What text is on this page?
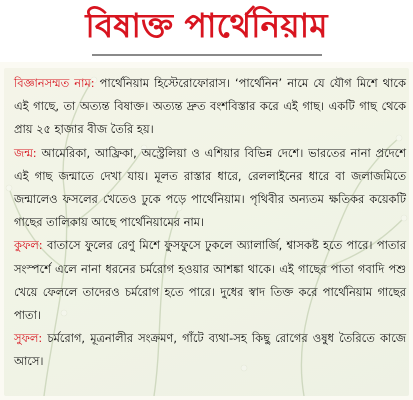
বিষাক্ত পার্থেনিয়াম

বিজ্ঞানসম্মত নাম: পার্থেনিয়াম হিস্টেরোফোরাস। ‘পার্থেনিন’ নামে যে যৌগ মিশে থাকে এই গাছে, তা অত্যন্ত বিষাক্ত। অত্যন্ত দ্রুত বংশবিস্তার করে এই গাছ। একটি গাছ থেকে প্রায় ২৫ হাজার বীজ তৈরি হয়।

জন্ম: আমেরিকা, আফ্রিকা, অস্ট্রেলিয়া ও এশিয়ার বিভিন্ন দেশে। ভারতের নানা প্রদেশে এই গাছ জন্মাতে দেখা যায়। মূলত রাস্তার ধারে, রেললাইনের ধারে বা জলাজমিতে জন্মালেও ফসলের খেতেও ঢুকে পড়ে পার্থেনিয়াম। পৃথিবীর অন্যতম ক্ষতিকর কয়েকটি গাছের তালিকায় আছে পার্থেনিয়ামের নাম।

কুফল: বাতাসে ফুলের রেণু মিশে ফুসফুসে ঢুকলে অ্যালার্জি, শ্বাসকষ্ট হতে পারে। পাতার সংস্পর্শে এলে নানা ধরনের চর্মরোগ হওয়ার আশঙ্কা থাকে। এই গাছের পাতা গবাদি পশু খেয়ে ফেললে তাদেরও চর্মরোগ হতে পারে। দুধের স্বাদ তিক্ত করে পার্থেনিয়াম গাছের পাতা।

সুফল: চর্মরোগ, মূত্রনালীর সংক্রমণ, গাঁটে ব্যথা-সহ কিছু রোগের ওষুধ তৈরিতে কাজে আসে।
